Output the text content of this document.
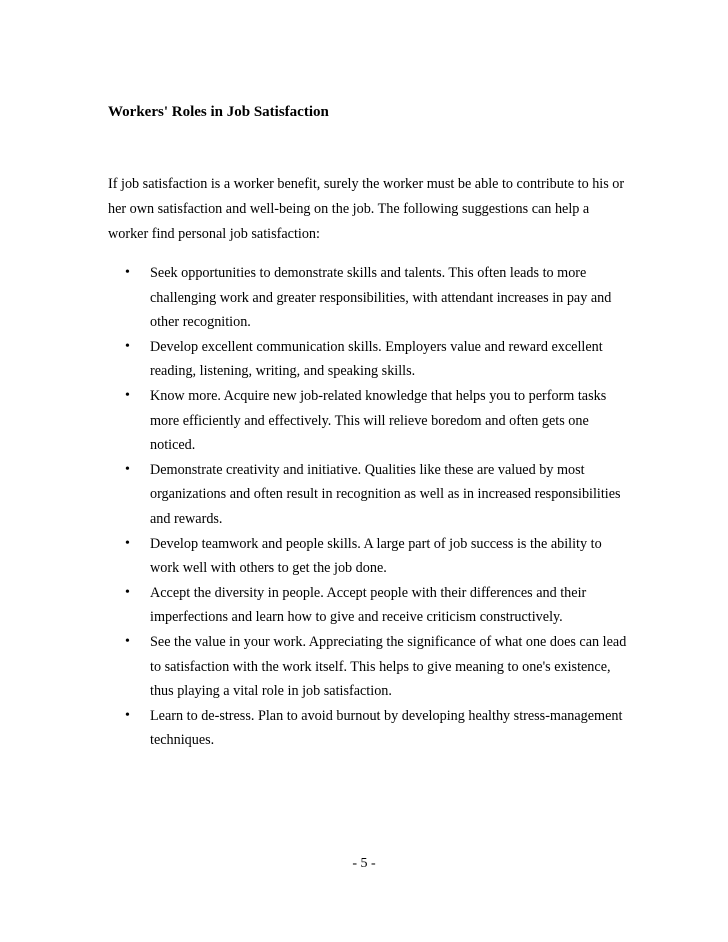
Workers' Roles in Job Satisfaction

If job satisfaction is a worker benefit, surely the worker must be able to contribute to his or her own satisfaction and well-being on the job. The following suggestions can help a worker find personal job satisfaction:

• Seek opportunities to demonstrate skills and talents. This often leads to more challenging work and greater responsibilities, with attendant increases in pay and other recognition.
• Develop excellent communication skills. Employers value and reward excellent reading, listening, writing, and speaking skills.
• Know more. Acquire new job-related knowledge that helps you to perform tasks more efficiently and effectively. This will relieve boredom and often gets one noticed.
• Demonstrate creativity and initiative. Qualities like these are valued by most organizations and often result in recognition as well as in increased responsibilities and rewards.
• Develop teamwork and people skills. A large part of job success is the ability to work well with others to get the job done.
• Accept the diversity in people. Accept people with their differences and their imperfections and learn how to give and receive criticism constructively.
• See the value in your work. Appreciating the significance of what one does can lead to satisfaction with the work itself. This helps to give meaning to one's existence, thus playing a vital role in job satisfaction.
• Learn to de-stress. Plan to avoid burnout by developing healthy stress-management techniques.
- 5 -
